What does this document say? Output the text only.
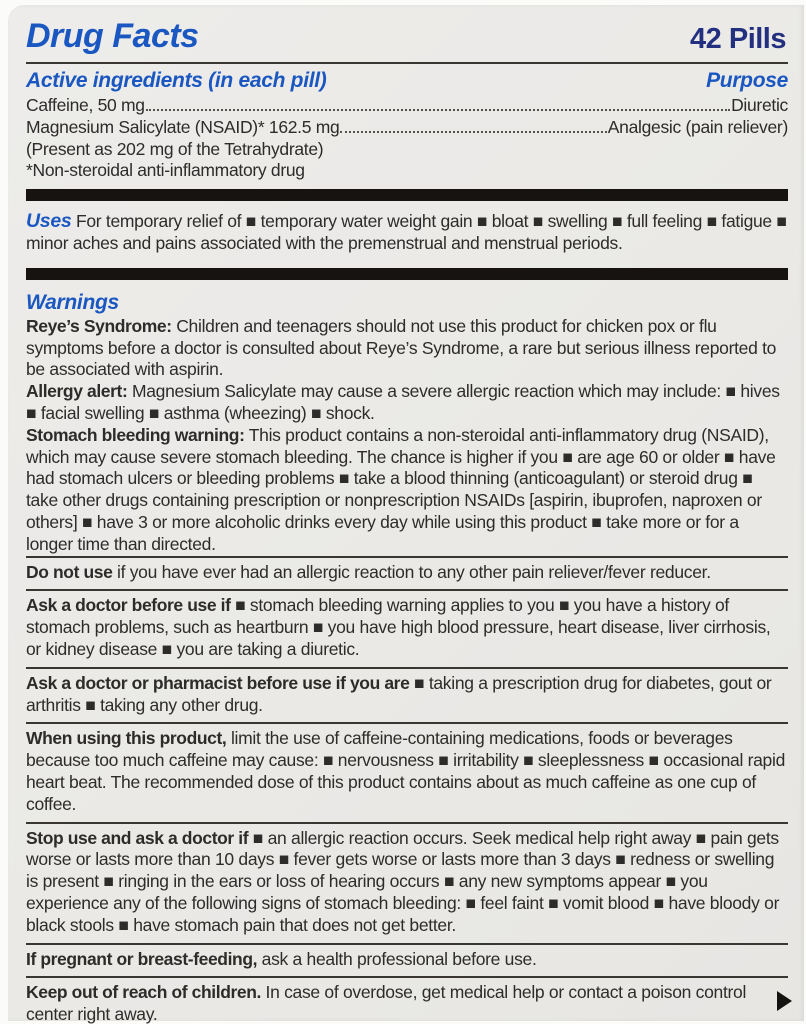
Drug Facts	42 Pills
Active ingredients (in each pill)	Purpose
Caffeine, 50 mg	Diuretic
Magnesium Salicylate (NSAID)* 162.5 mg	Analgesic (pain reliever)

(Present as 202 mg of the Tetrahydrate)

*Non-steroidal anti-inflammatory drug

Uses For temporary relief of ■ temporary water weight gain ■ bloat ■ swelling ■ full feeling ■ fatigue ■ minor aches and pains associated with the premenstrual and menstrual periods.

Warnings

Reye’s Syndrome: Children and teenagers should not use this product for chicken pox or flu symptoms before a doctor is consulted about Reye’s Syndrome, a rare but serious illness reported to be associated with aspirin.

Allergy alert: Magnesium Salicylate may cause a severe allergic reaction which may include: ■ hives ■ facial swelling ■ asthma (wheezing) ■ shock.

Stomach bleeding warning: This product contains a non-steroidal anti-inflammatory drug (NSAID), which may cause severe stomach bleeding. The chance is higher if you ■ are age 60 or older ■ have had stomach ulcers or bleeding problems ■ take a blood thinning (anticoagulant) or steroid drug ■ take other drugs containing prescription or nonprescription NSAIDs [aspirin, ibuprofen, naproxen or others] ■ have 3 or more alcoholic drinks every day while using this product ■ take more or for a longer time than directed.

Do not use if you have ever had an allergic reaction to any other pain reliever/fever reducer.

Ask a doctor before use if ■ stomach bleeding warning applies to you ■ you have a history of stomach problems, such as heartburn ■ you have high blood pressure, heart disease, liver cirrhosis, or kidney disease ■ you are taking a diuretic.

Ask a doctor or pharmacist before use if you are ■ taking a prescription drug for diabetes, gout or arthritis ■ taking any other drug.

When using this product, limit the use of caffeine-containing medications, foods or beverages because too much caffeine may cause: ■ nervousness ■ irritability ■ sleeplessness ■ occasional rapid heart beat. The recommended dose of this product contains about as much caffeine as one cup of coffee.

Stop use and ask a doctor if ■ an allergic reaction occurs. Seek medical help right away ■ pain gets worse or lasts more than 10 days ■ fever gets worse or lasts more than 3 days ■ redness or swelling is present ■ ringing in the ears or loss of hearing occurs ■ any new symptoms appear ■ you experience any of the following signs of stomach bleeding: ■ feel faint ■ vomit blood ■ have bloody or black stools ■ have stomach pain that does not get better.

If pregnant or breast-feeding, ask a health professional before use.

Keep out of reach of children. In case of overdose, get medical help or contact a poison control center right away.
